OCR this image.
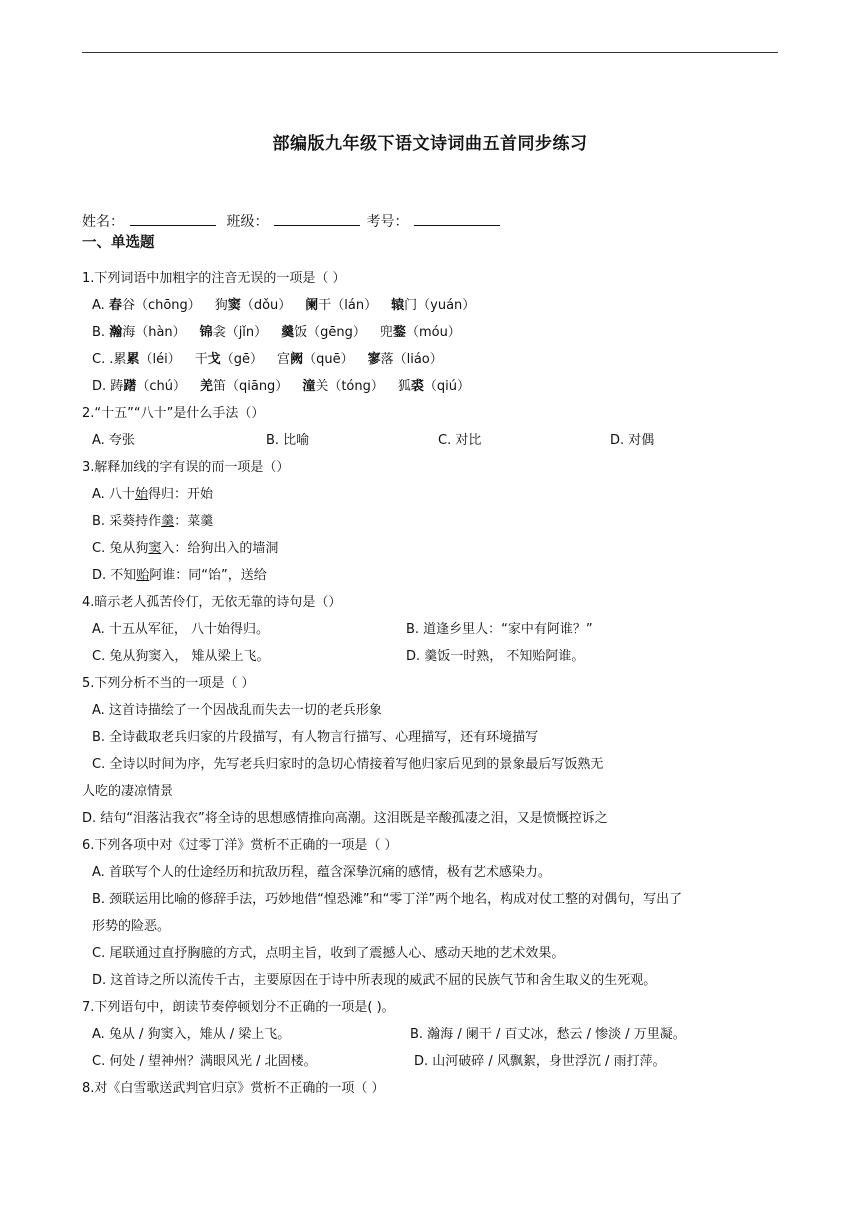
部编版九年级下语文诗词曲五首同步练习
姓名：	班级：	考号：
一、单选题
1.下列词语中加粗字的注音无误的一项是（ ）
A. 春谷（chōng） 狗窦（dǒu） 阑干（lán） 辕门（yuán）
B. 瀚海（hàn） 锦衾（jǐn） 羹饭（gēng） 兜鍪（móu）
C. .累累（léi） 干戈（gē） 宫阙（quē） 寥落（liáo）
D. 踌躇（chú） 羌笛（qiāng） 潼关（tóng） 狐裘（qiú）
2.“十五”“八十”是什么手法（）
A. 夸张	B. 比喻	C. 对比	D. 对偶
3.解释加线的字有误的而一项是（）
A. 八十始得归：开始
B. 采葵持作羹：菜羹
C. 兔从狗窦入：给狗出入的墙洞
D. 不知贻阿谁：同“饴”，送给
4.暗示老人孤苦伶仃，无依无靠的诗句是（）
A. 十五从军征， 八十始得归。	B. 道逢乡里人：“家中有阿谁？”
C. 兔从狗窦入， 雉从梁上飞。	D. 羹饭一时熟， 不知贻阿谁。
5.下列分析不当的一项是（ ）
A. 这首诗描绘了一个因战乱而失去一切的老兵形象
B. 全诗截取老兵归家的片段描写，有人物言行描写、心理描写，还有环境描写
C. 全诗以时间为序，先写老兵归家时的急切心情接着写他归家后见到的景象最后写饭熟无
人吃的凄凉情景
D. 结句“泪落沾我衣”将全诗的思想感情推向高潮。这泪既是辛酸孤凄之泪，又是愤慨控诉之
6.下列各项中对《过零丁洋》赏析不正确的一项是（ ）
A. 首联写个人的仕途经历和抗敌历程，蕴含深挚沉痛的感情，极有艺术感染力。
B. 颈联运用比喻的修辞手法，巧妙地借“惶恐滩”和“零丁洋”两个地名，构成对仗工整的对偶句，写出了
形势的险恶。
C. 尾联通过直抒胸臆的方式，点明主旨，收到了震撼人心、感动天地的艺术效果。
D. 这首诗之所以流传千古，主要原因在于诗中所表现的威武不屈的民族气节和舍生取义的生死观。
7.下列语句中，朗读节奏停顿划分不正确的一项是( )。
A. 兔从 / 狗窦入，雉从 / 梁上飞。	B. 瀚海 / 阑干 / 百丈冰，愁云 / 惨淡 / 万里凝。
C. 何处 / 望神州？满眼风光 / 北固楼。	D. 山河破碎 / 风飘絮，身世浮沉 / 雨打萍。
8.对《白雪歌送武判官归京》赏析不正确的一项（ ）
